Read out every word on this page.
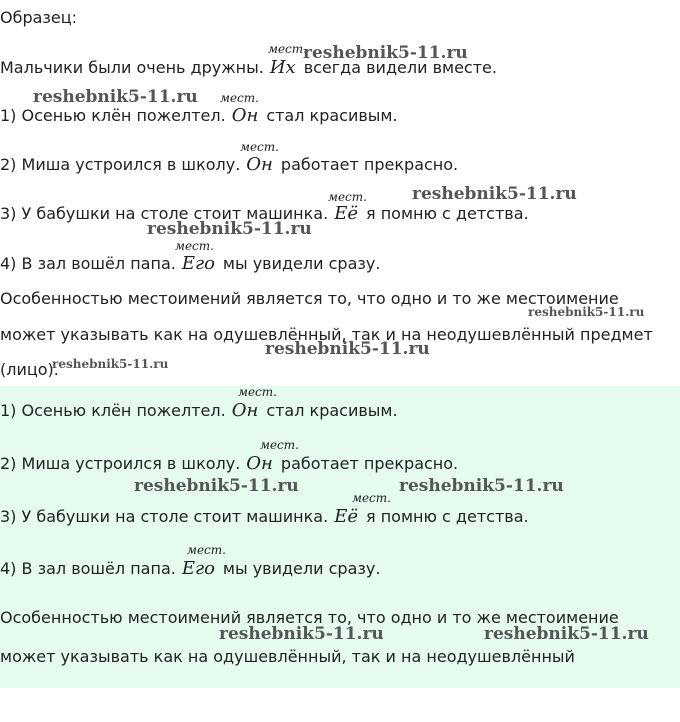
Образец:
мест.
Мальчики были очень дружны. Их всегда видели вместе.
мест.
1) Осенью клён пожелтел. Он стал красивым.
мест.
2) Миша устроился в школу. Он работает прекрасно.
мест.
3) У бабушки на столе стоит машинка. Её я помню с детства.
мест.
4) В зал вошёл папа. Его мы увидели сразу.
Особенностью местоимений является то, что одно и то же местоимение
может указывать как на одушевлённый, так и на неодушевлённый предмет
(лицо).
мест.
1) Осенью клён пожелтел. Он стал красивым.
мест.
2) Миша устроился в школу. Он работает прекрасно.
мест.
3) У бабушки на столе стоит машинка. Её я помню с детства.
мест.
4) В зал вошёл папа. Его мы увидели сразу.
Особенностью местоимений является то, что одно и то же местоимение
может указывать как на одушевлённый, так и на неодушевлённый
reshebnik5-11.ru
reshebnik5-11.ru
reshebnik5-11.ru
reshebnik5-11.ru
reshebnik5-11.ru
reshebnik5-11.ru
reshebnik5-11.ru
reshebnik5-11.ru	reshebnik5-11.ru
reshebnik5-11.ru	reshebnik5-11.ru
